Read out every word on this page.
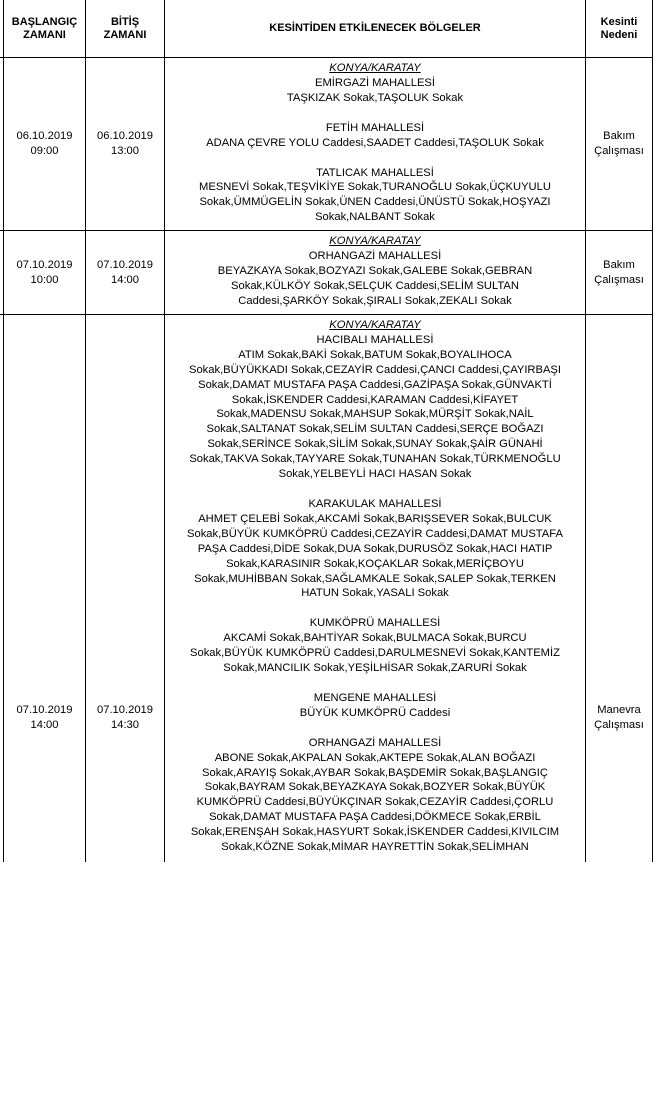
BAŞLANGIÇ
ZAMANI
BİTİŞ
ZAMANI
KESİNTİDEN ETKİLENECEK BÖLGELER
Kesinti
Nedeni
06.10.2019
09:00
06.10.2019
13:00
KONYA/KARATAY
EMİRGAZİ MAHALLESİ
TAŞKIZAK Sokak,TAŞOLUK Sokak
FETİH MAHALLESİ
ADANA ÇEVRE YOLU Caddesi,SAADET Caddesi,TAŞOLUK Sokak
TATLICAK MAHALLESİ
MESNEVİ Sokak,TEŞVİKİYE Sokak,TURANOĞLU Sokak,ÜÇKUYULU
Sokak,ÜMMÜGELİN Sokak,ÜNEN Caddesi,ÜNÜSTÜ Sokak,HOŞYAZI
Sokak,NALBANT Sokak
Bakım
Çalışması
07.10.2019
10:00
07.10.2019
14:00
KONYA/KARATAY
ORHANGAZİ MAHALLESİ
BEYAZKAYA Sokak,BOZYAZI Sokak,GALEBE Sokak,GEBRAN
Sokak,KÜLKÖY Sokak,SELÇUK Caddesi,SELİM SULTAN
Caddesi,ŞARKÖY Sokak,ŞIRALI Sokak,ZEKALI Sokak
Bakım
Çalışması
07.10.2019
14:00
07.10.2019
14:30
KONYA/KARATAY
HACIBALI MAHALLESİ
ATIM Sokak,BAKİ Sokak,BATUM Sokak,BOYALIHOCA
Sokak,BÜYÜKKADI Sokak,CEZAYİR Caddesi,ÇANCI Caddesi,ÇAYIRBAŞI
Sokak,DAMAT MUSTAFA PAŞA Caddesi,GAZİPAŞA Sokak,GÜNVAKTİ
Sokak,İSKENDER Caddesi,KARAMAN Caddesi,KİFAYET
Sokak,MADENSU Sokak,MAHSUP Sokak,MÜRŞİT Sokak,NAİL
Sokak,SALTANAT Sokak,SELİM SULTAN Caddesi,SERÇE BOĞAZI
Sokak,SERİNCE Sokak,SİLİM Sokak,SUNAY Sokak,ŞAİR GÜNAHİ
Sokak,TAKVA Sokak,TAYYARE Sokak,TUNAHAN Sokak,TÜRKMENOĞLU
Sokak,YELBEYLİ HACI HASAN Sokak
KARAKULAK MAHALLESİ
AHMET ÇELEBİ Sokak,AKCAMİ Sokak,BARIŞSEVER Sokak,BULCUK
Sokak,BÜYÜK KUMKÖPRÜ Caddesi,CEZAYİR Caddesi,DAMAT MUSTAFA
PAŞA Caddesi,DİDE Sokak,DUA Sokak,DURUSÖZ Sokak,HACI HATIP
Sokak,KARASINIR Sokak,KOÇAKLAR Sokak,MERİÇBOYU
Sokak,MUHİBBAN Sokak,SAĞLAMKALE Sokak,SALEP Sokak,TERKEN
HATUN Sokak,YASALI Sokak
KUMKÖPRÜ MAHALLESİ
AKCAMİ Sokak,BAHTİYAR Sokak,BULMACA Sokak,BURCU
Sokak,BÜYÜK KUMKÖPRÜ Caddesi,DARULMESNEVİ Sokak,KANTEMİZ
Sokak,MANCILIK Sokak,YEŞİLHİSAR Sokak,ZARURİ Sokak
MENGENE MAHALLESİ
BÜYÜK KUMKÖPRÜ Caddesi
ORHANGAZİ MAHALLESİ
ABONE Sokak,AKPALAN Sokak,AKTEPE Sokak,ALAN BOĞAZI
Sokak,ARAYIŞ Sokak,AYBAR Sokak,BAŞDEMİR Sokak,BAŞLANGIÇ
Sokak,BAYRAM Sokak,BEYAZKAYA Sokak,BOZYER Sokak,BÜYÜK
KUMKÖPRÜ Caddesi,BÜYÜKÇINAR Sokak,CEZAYİR Caddesi,ÇORLU
Sokak,DAMAT MUSTAFA PAŞA Caddesi,DÖKMECE Sokak,ERBİL
Sokak,ERENŞAH Sokak,HASYURT Sokak,İSKENDER Caddesi,KIVILCIM
Sokak,KÖZNE Sokak,MİMAR HAYRETTİN Sokak,SELİMHAN
Manevra
Çalışması
